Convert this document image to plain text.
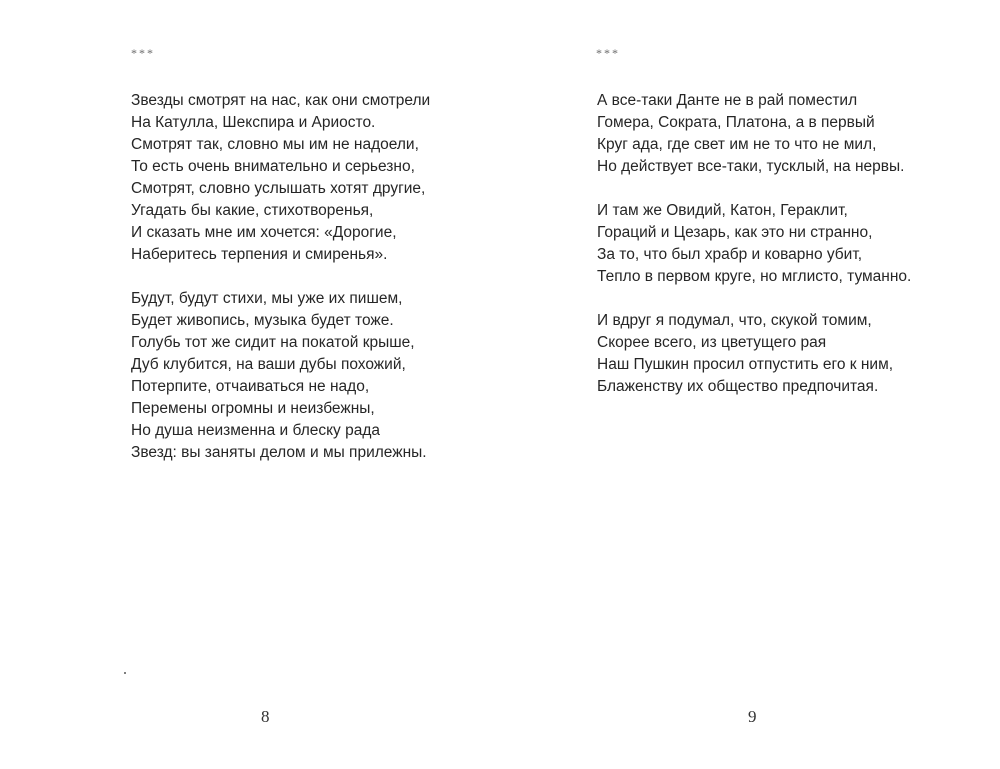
***
Звезды смотрят на нас, как они смотрели
На Катулла, Шекспира и Ариосто.
Смотрят так, словно мы им не надоели,
То есть очень внимательно и серьезно,
Смотрят, словно услышать хотят другие,
Угадать бы какие, стихотворенья,
И сказать мне им хочется: «Дорогие,
Наберитесь терпения и смиренья».
Будут, будут стихи, мы уже их пишем,
Будет живопись, музыка будет тоже.
Голубь тот же сидит на покатой крыше,
Дуб клубится, на ваши дубы похожий,
Потерпите, отчаиваться не надо,
Перемены огромны и неизбежны,
Но душа неизменна и блеску рада
Звезд: вы заняты делом и мы прилежны.
8
***
А все-таки Данте не в рай поместил
Гомера, Сократа, Платона, а в первый
Круг ада, где свет им не то что не мил,
Но действует все-таки, тусклый, на нервы.
И там же Овидий, Катон, Гераклит,
Гораций и Цезарь, как это ни странно,
За то, что был храбр и коварно убит,
Тепло в первом круге, но мглисто, туманно.
И вдруг я подумал, что, скукой томим,
Скорее всего, из цветущего рая
Наш Пушкин просил отпустить его к ним,
Блаженству их общество предпочитая.
9
